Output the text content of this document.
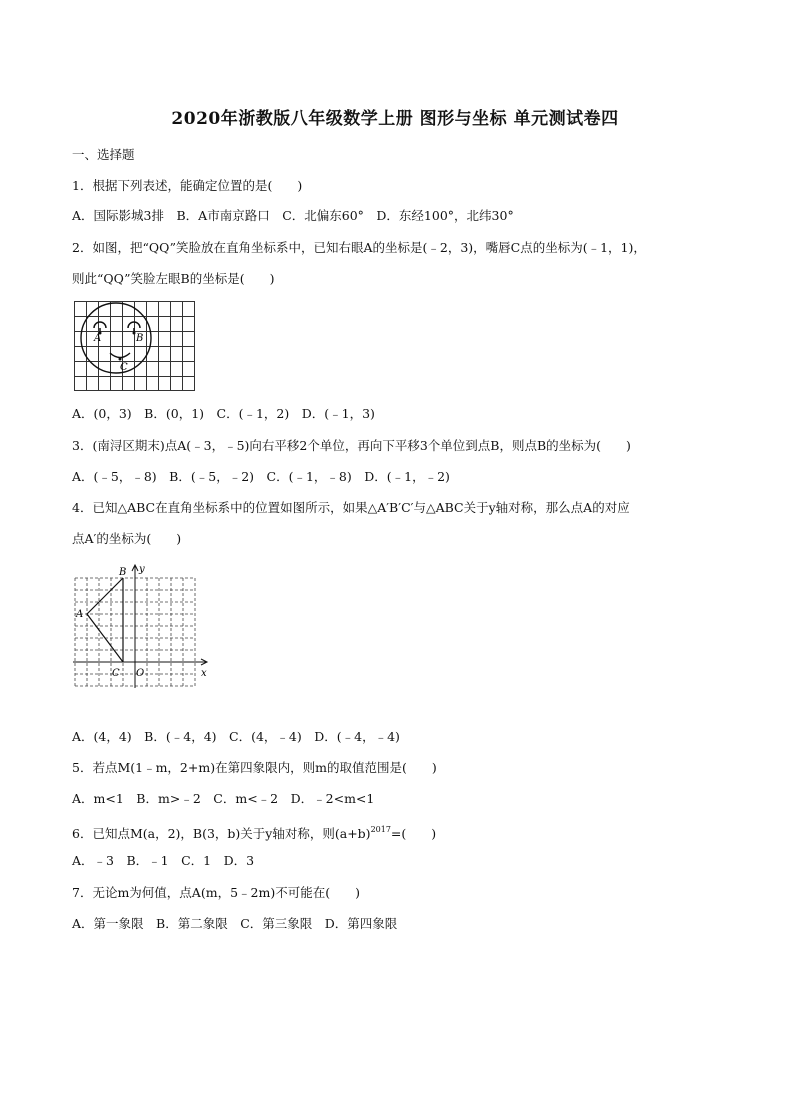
2020年浙教版八年级数学上册 图形与坐标 单元测试卷四
一、选择题
1．根据下列表述，能确定位置的是(　　)
A．国际影城3排　B．A市南京路口　C．北偏东60°　D．东经100°，北纬30°
2．如图，把“QQ”笑脸放在直角坐标系中，已知右眼A的坐标是(﹣2，3)，嘴唇C点的坐标为(﹣1，1)，
则此“QQ”笑脸左眼B的坐标是(　　)
A	B
C
A．(0，3)　B．(0，1)　C．(﹣1，2)　D．(﹣1，3)
3．(南浔区期末)点A(﹣3，﹣5)向右平移2个单位，再向下平移3个单位到点B，则点B的坐标为(　　)
A．(﹣5，﹣8)　B．(﹣5，﹣2)　C．(﹣1，﹣8)　D．(﹣1，﹣2)
4．已知△ABC在直角坐标系中的位置如图所示，如果△A′B′C′与△ABC关于y轴对称，那么点A的对应
点A′的坐标为(　　)
B
A
C O	x
y
A．(4，4)　B．(﹣4，4)　C．(4，﹣4)　D．(﹣4，﹣4)
5．若点M(1﹣m，2+m)在第四象限内，则m的取值范围是(　　)
A．m<1　B．m>﹣2　C．m<﹣2　D．﹣2<m<1
6．已知点M(a，2)，B(3，b)关于y轴对称，则$(a+b)^{2017}=$(　　)
A．﹣3　B．﹣1　C．1　D．3
7．无论m为何值，点A(m，5﹣2m)不可能在(　　)
A．第一象限　B．第二象限　C．第三象限　D．第四象限
